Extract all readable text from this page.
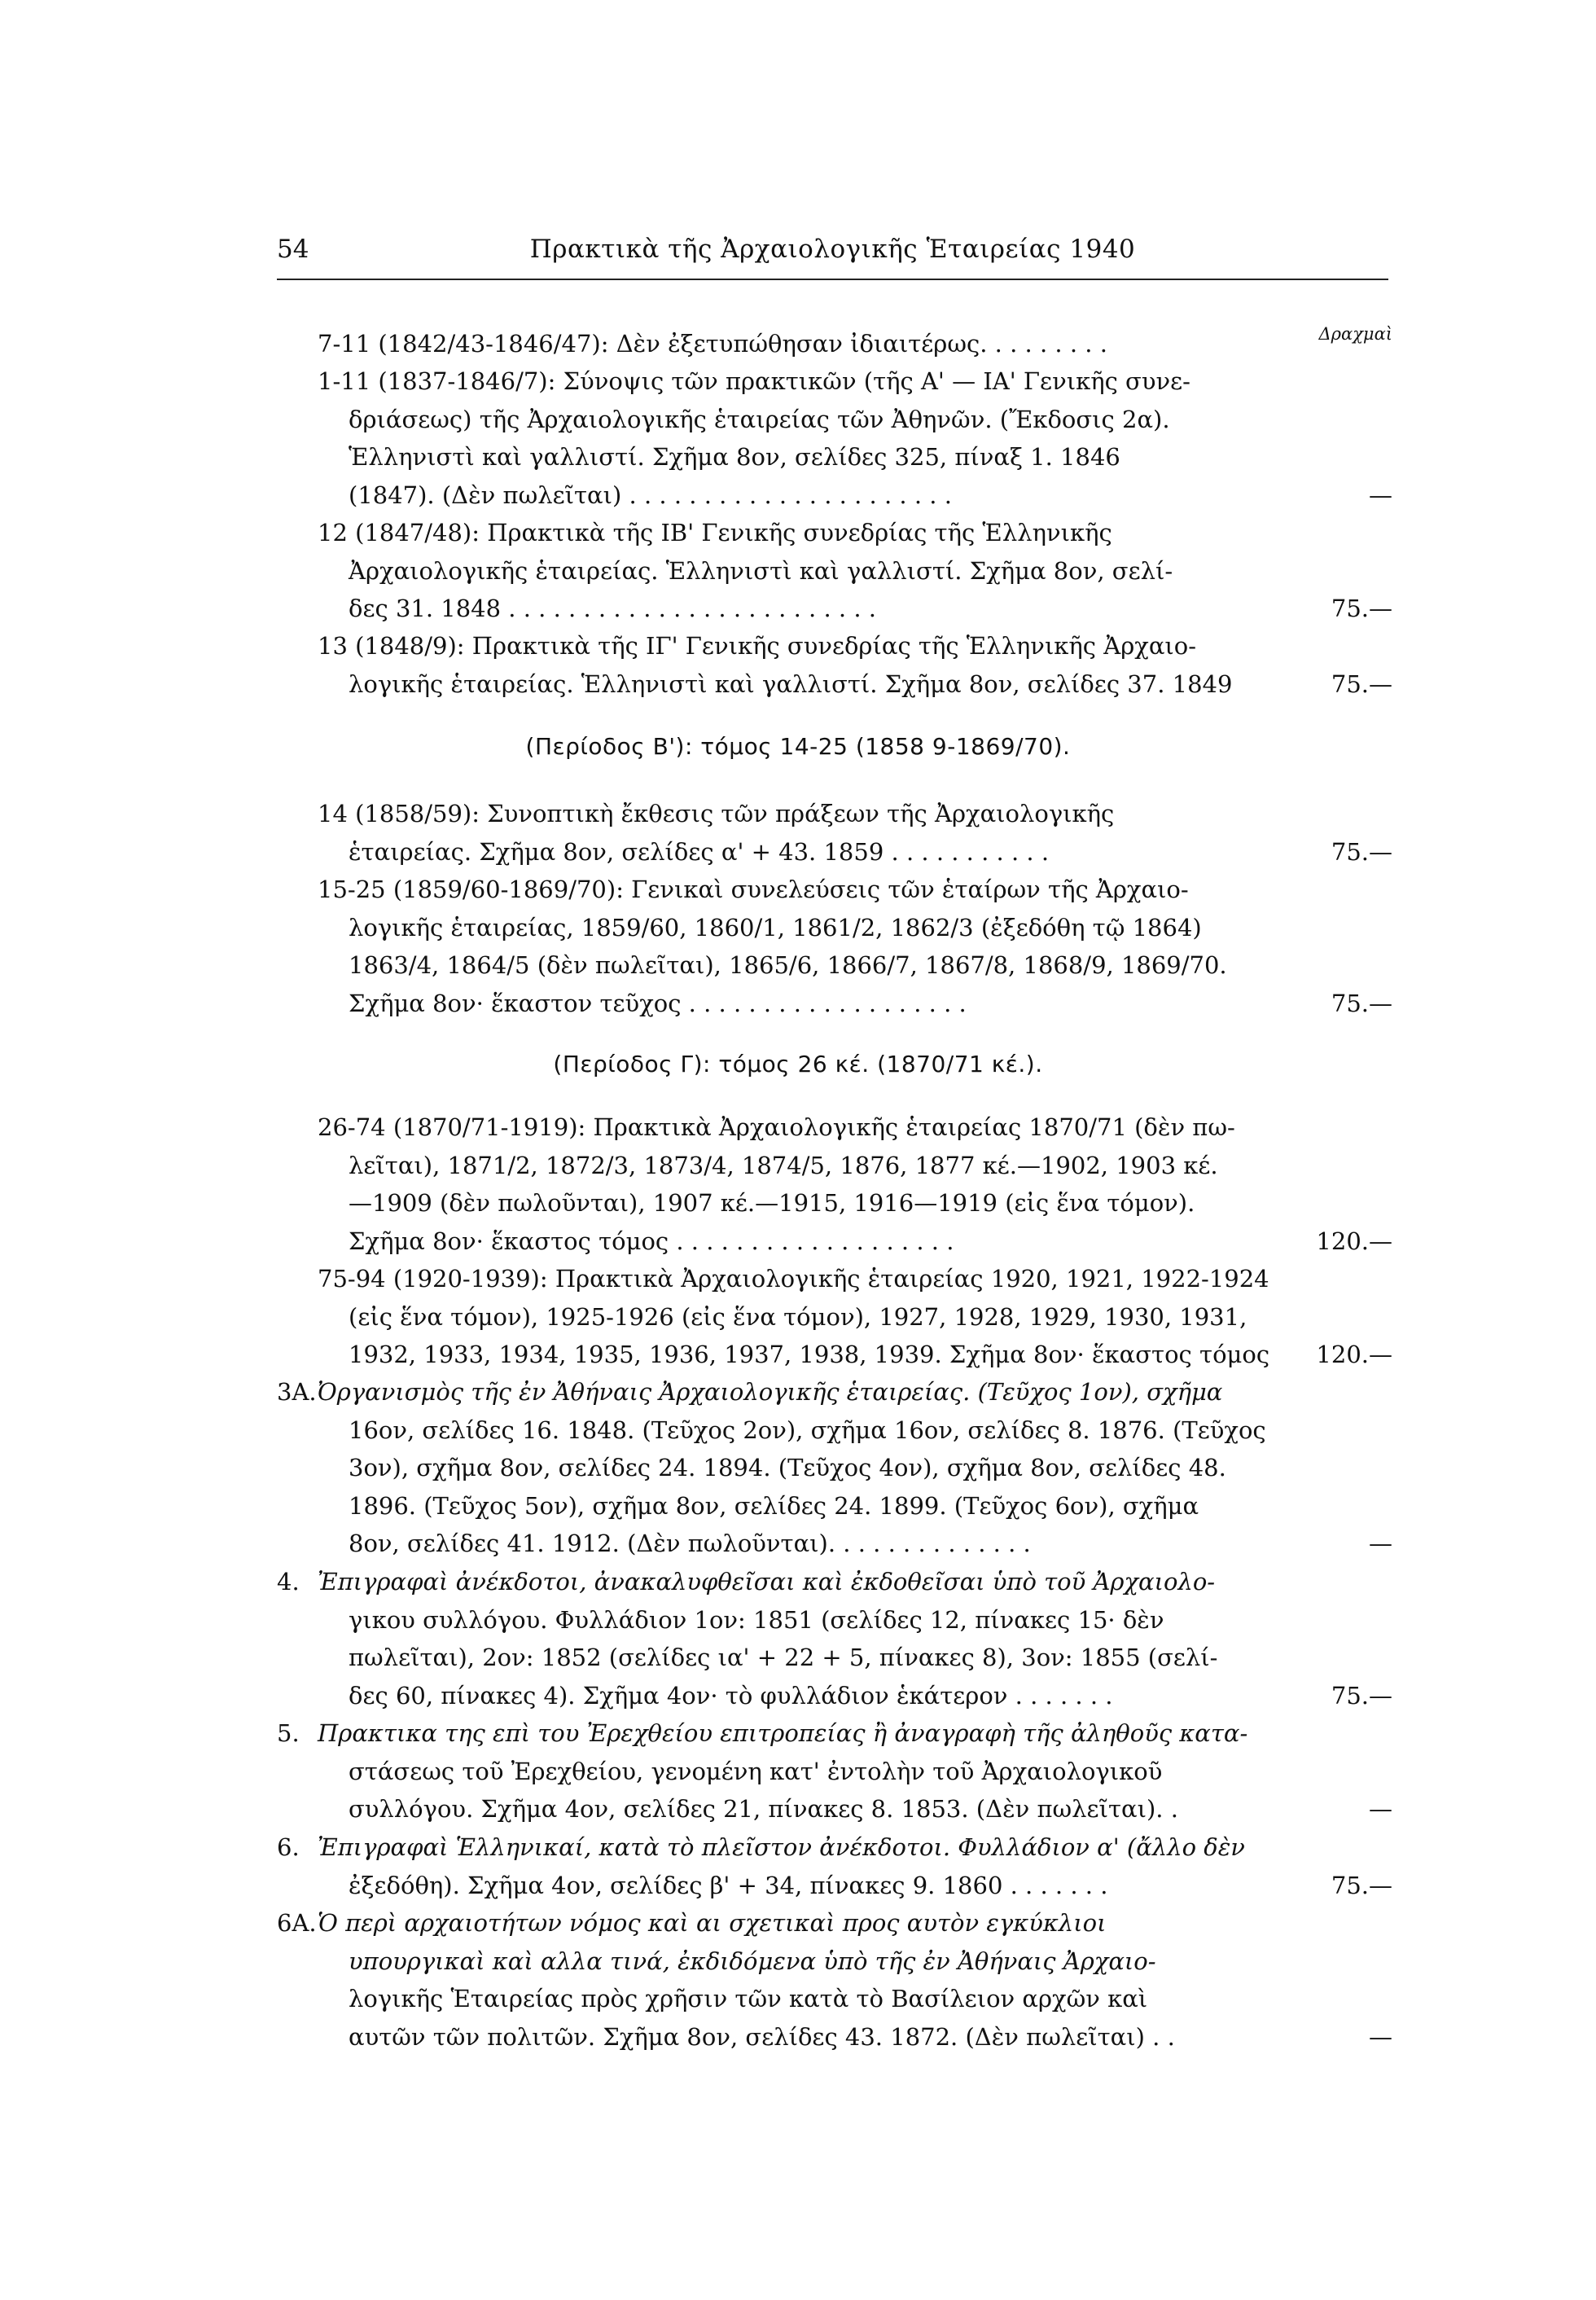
54	Πρακτικὰ τῆς Ἀρχαιολογικῆς Ἑταιρείας 1940
Δραχμαὶ
7-11 (1842/43-1846/47): Δὲν ἐξετυπώθησαν ἰδιαιτέρως. . . . . . . . .
1-11 (1837-1846/7): Σύνοψις τῶν πρακτικῶν (τῆς Α' — ΙΑ' Γενικῆς συνε-
δριάσεως) τῆς Ἀρχαιολογικῆς ἑταιρείας τῶν Ἀθηνῶν. (Ἔκδοσις 2α).
Ἑλληνιστὶ καὶ γαλλιστί. Σχῆμα 8ον, σελίδες 325, πίναξ 1. 1846
(1847). (Δὲν πωλεῖται) . . . . . . . . . . . . . . . . . . . . . .	—
12 (1847/48): Πρακτικὰ τῆς ΙΒ' Γενικῆς συνεδρίας τῆς Ἑλληνικῆς
Ἀρχαιολογικῆς ἑταιρείας. Ἑλληνιστὶ καὶ γαλλιστί. Σχῆμα 8ον, σελί-
δες 31. 1848 . . . . . . . . . . . . . . . . . . . . . . . . .	75.—
13 (1848/9): Πρακτικὰ τῆς ΙΓ' Γενικῆς συνεδρίας τῆς Ἑλληνικῆς Ἀρχαιο-
λογικῆς ἑταιρείας. Ἑλληνιστὶ καὶ γαλλιστί. Σχῆμα 8ον, σελίδες 37. 1849	75.—
(Περίοδος Β'): τόμος 14-25 (1858 9-1869/70).
14 (1858/59): Συνοπτικὴ ἔκθεσις τῶν πράξεων τῆς Ἀρχαιολογικῆς
ἑταιρείας. Σχῆμα 8ον, σελίδες α' + 43. 1859 . . . . . . . . . . .	75.—
15-25 (1859/60-1869/70): Γενικαὶ συνελεύσεις τῶν ἑταίρων τῆς Ἀρχαιο-
λογικῆς ἑταιρείας, 1859/60, 1860/1, 1861/2, 1862/3 (ἐξεδόθη τῷ 1864)
1863/4, 1864/5 (δὲν πωλεῖται), 1865/6, 1866/7, 1867/8, 1868/9, 1869/70.
Σχῆμα 8ον· ἕκαστον τεῦχος . . . . . . . . . . . . . . . . . . .	75.—
(Περίοδος Γ): τόμος 26 κέ. (1870/71 κέ.).
26-74 (1870/71-1919): Πρακτικὰ Ἀρχαιολογικῆς ἑταιρείας 1870/71 (δὲν πω-
λεῖται), 1871/2, 1872/3, 1873/4, 1874/5, 1876, 1877 κέ.—1902, 1903 κέ.
—1909 (δὲν πωλοῦνται), 1907 κέ.—1915, 1916—1919 (εἰς ἕνα τόμον).
Σχῆμα 8ον· ἕκαστος τόμος . . . . . . . . . . . . . . . . . . .	120.—
75-94 (1920-1939): Πρακτικὰ Ἀρχαιολογικῆς ἑταιρείας 1920, 1921, 1922-1924
(εἰς ἕνα τόμον), 1925-1926 (εἰς ἕνα τόμον), 1927, 1928, 1929, 1930, 1931,
1932, 1933, 1934, 1935, 1936, 1937, 1938, 1939. Σχῆμα 8ον· ἕκαστος τόμος 120.—
3Α. Ὀργανισμὸς τῆς ἐν Ἀθήναις Ἀρχαιολογικῆς ἑταιρείας. (Τεῦχος 1ον), σχῆμα
16ον, σελίδες 16. 1848. (Τεῦχος 2ον), σχῆμα 16ον, σελίδες 8. 1876. (Τεῦχος
3ον), σχῆμα 8ον, σελίδες 24. 1894. (Τεῦχος 4ον), σχῆμα 8ον, σελίδες 48.
1896. (Τεῦχος 5ον), σχῆμα 8ον, σελίδες 24. 1899. (Τεῦχος 6ον), σχῆμα
8ον, σελίδες 41. 1912. (Δὲν πωλοῦνται). . . . . . . . . . . . . .	—
4. Ἐπιγραφαὶ ἀνέκδοτοι, ἀνακαλυφθεῖσαι καὶ ἐκδοθεῖσαι ὑπὸ τοῦ Ἀρχαιολο-
γικου συλλόγου. Φυλλάδιον 1ον: 1851 (σελίδες 12, πίνακες 15· δὲν
πωλεῖται), 2ον: 1852 (σελίδες ια' + 22 + 5, πίνακες 8), 3ον: 1855 (σελί-
δες 60, πίνακες 4). Σχῆμα 4ον· τὸ φυλλάδιον ἑκάτερον . . . . . . .	75.—
5. Πρακτικα της επὶ του Ἐρεχθείου επιτροπείας ἢ ἀναγραφὴ τῆς ἀληθοῦς κατα-
στάσεως τοῦ Ἐρεχθείου, γενομένη κατ' ἐντολὴν τοῦ Ἀρχαιολογικοῦ
συλλόγου. Σχῆμα 4ον, σελίδες 21, πίνακες 8. 1853. (Δὲν πωλεῖται). .	—
6. Ἐπιγραφαὶ Ἑλληνικαί, κατὰ τὸ πλεῖστον ἀνέκδοτοι. Φυλλάδιον α' (ἄλλο δὲν
ἐξεδόθη). Σχῆμα 4ον, σελίδες β' + 34, πίνακες 9. 1860 . . . . . . .	75.—
6Α. Ὁ περὶ αρχαιοτήτων νόμος καὶ αι σχετικαὶ προς αυτὸν εγκύκλιοι
υπουργικαὶ καὶ αλλα τινά, ἐκδιδόμενα ὑπὸ τῆς ἐν Ἀθήναις Ἀρχαιο-
λογικῆς Ἑταιρείας πρὸς χρῆσιν τῶν κατὰ τὸ Βασίλειον αρχῶν καὶ
αυτῶν τῶν πολιτῶν. Σχῆμα 8ον, σελίδες 43. 1872. (Δὲν πωλεῖται) . .	—
